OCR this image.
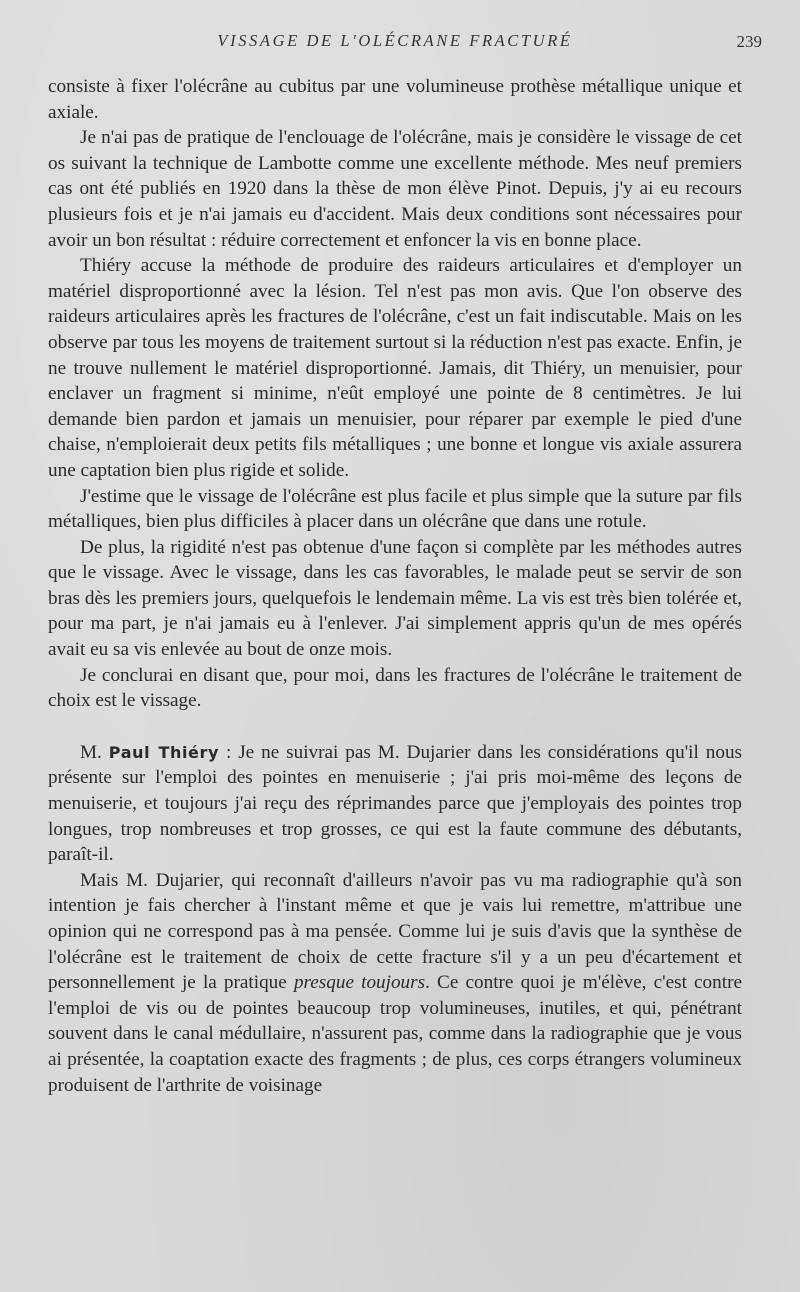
VISSAGE DE L'OLÉCRANE FRACTURÉ	239

consiste à fixer l'olécrâne au cubitus par une volumineuse prothèse métallique unique et axiale.

Je n'ai pas de pratique de l'enclouage de l'olécrâne, mais je considère le vissage de cet os suivant la technique de Lambotte comme une excellente méthode. Mes neuf premiers cas ont été publiés en 1920 dans la thèse de mon élève Pinot. Depuis, j'y ai eu recours plusieurs fois et je n'ai jamais eu d'accident. Mais deux conditions sont nécessaires pour avoir un bon résultat : réduire correctement et enfoncer la vis en bonne place.

Thiéry accuse la méthode de produire des raideurs articulaires et d'employer un matériel disproportionné avec la lésion. Tel n'est pas mon avis. Que l'on observe des raideurs articulaires après les fractures de l'olécrâne, c'est un fait indiscutable. Mais on les observe par tous les moyens de traitement surtout si la réduction n'est pas exacte. Enfin, je ne trouve nullement le matériel disproportionné. Jamais, dit Thiéry, un menuisier, pour enclaver un fragment si minime, n'eût employé une pointe de 8 centimètres. Je lui demande bien pardon et jamais un menuisier, pour réparer par exemple le pied d'une chaise, n'emploierait deux petits fils métalliques ; une bonne et longue vis axiale assurera une captation bien plus rigide et solide.

J'estime que le vissage de l'olécrâne est plus facile et plus simple que la suture par fils métalliques, bien plus difficiles à placer dans un olécrâne que dans une rotule.

De plus, la rigidité n'est pas obtenue d'une façon si complète par les méthodes autres que le vissage. Avec le vissage, dans les cas favorables, le malade peut se servir de son bras dès les premiers jours, quelquefois le lendemain même. La vis est très bien tolérée et, pour ma part, je n'ai jamais eu à l'enlever. J'ai simplement appris qu'un de mes opérés avait eu sa vis enlevée au bout de onze mois.

Je conclurai en disant que, pour moi, dans les fractures de l'olécrâne le traitement de choix est le vissage.

M. Paul Thiéry : Je ne suivrai pas M. Dujarier dans les considérations qu'il nous présente sur l'emploi des pointes en menuiserie ; j'ai pris moi-même des leçons de menuiserie, et toujours j'ai reçu des réprimandes parce que j'employais des pointes trop longues, trop nombreuses et trop grosses, ce qui est la faute commune des débutants, paraît-il.

Mais M. Dujarier, qui reconnaît d'ailleurs n'avoir pas vu ma radiographie qu'à son intention je fais chercher à l'instant même et que je vais lui remettre, m'attribue une opinion qui ne correspond pas à ma pensée. Comme lui je suis d'avis que la synthèse de l'olécrâne est le traitement de choix de cette fracture s'il y a un peu d'écartement et personnellement je la pratique presque toujours. Ce contre quoi je m'élève, c'est contre l'emploi de vis ou de pointes beaucoup trop volumineuses, inutiles, et qui, pénétrant souvent dans le canal médullaire, n'assurent pas, comme dans la radiographie que je vous ai présentée, la coaptation exacte des fragments ; de plus, ces corps étrangers volumineux produisent de l'arthrite de voisinage
